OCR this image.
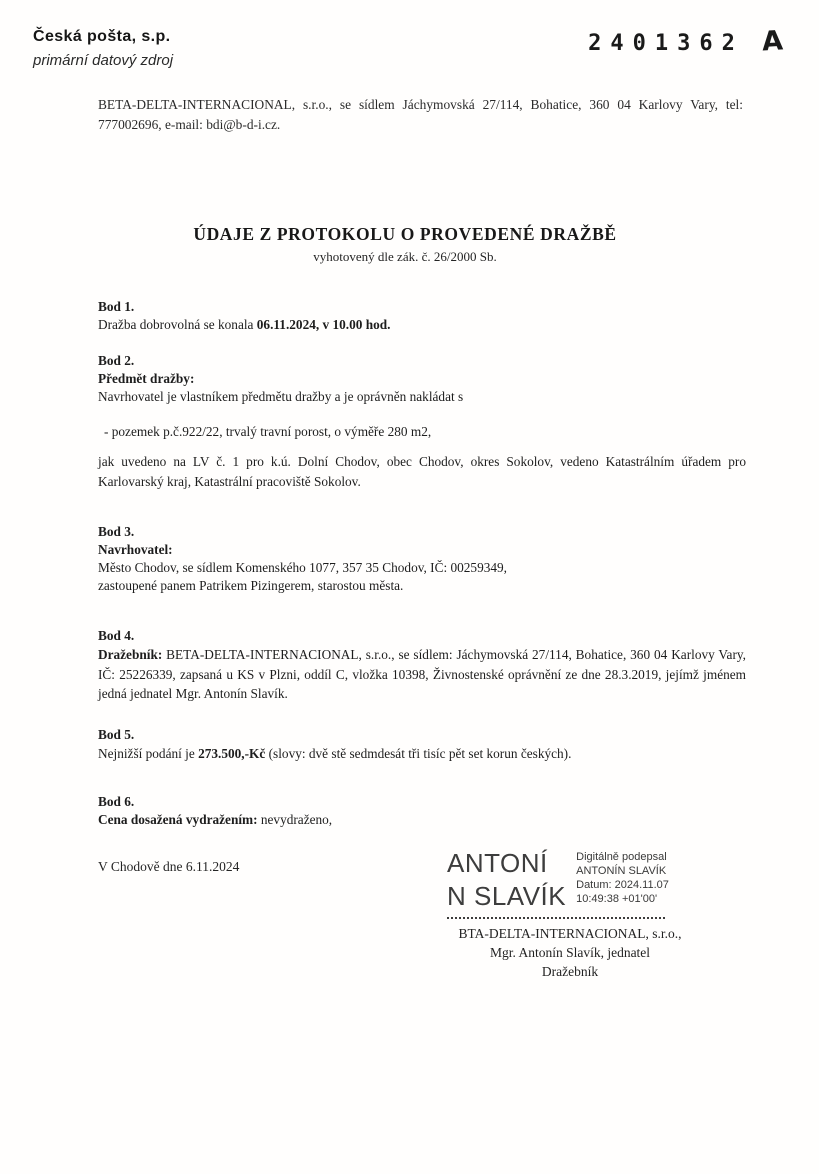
Česká pošta, s.p.
primární datový zdroj
2401362 A

BETA-DELTA-INTERNACIONAL, s.r.o., se sídlem Jáchymovská 27/114, Bohatice, 360 04 Karlovy Vary, tel: 777002696, e-mail: bdi@b-d-i.cz.

ÚDAJE Z PROTOKOLU O PROVEDENÉ DRAŽBĚ
vyhotovený dle zák. č. 26/2000 Sb.

Bod 1.

Dražba dobrovolná se konala 06.11.2024, v 10.00 hod.

Bod 2.

Předmět dražby:

Navrhovatel je vlastníkem předmětu dražby a je oprávněn nakládat s

- pozemek p.č.922/22, trvalý travní porost, o výměře 280 m2,

jak uvedeno na LV č. 1 pro k.ú. Dolní Chodov, obec Chodov, okres Sokolov, vedeno Katastrálním úřadem pro Karlovarský kraj, Katastrální pracoviště Sokolov.

Bod 3.

Navrhovatel:

Město Chodov, se sídlem Komenského 1077, 357 35 Chodov, IČ: 00259349,

zastoupené panem Patrikem Pizingerem, starostou města.

Bod 4.

Dražebník: BETA-DELTA-INTERNACIONAL, s.r.o., se sídlem: Jáchymovská 27/114, Bohatice, 360 04 Karlovy Vary, IČ: 25226339, zapsaná u KS v Plzni, oddíl C, vložka 10398, Živnostenské oprávnění ze dne 28.3.2019, jejímž jménem jedná jednatel Mgr. Antonín Slavík.

Bod 5.

Nejnižší podání je 273.500,-Kč (slovy: dvě stě sedmdesát tři tisíc pět set korun českých).

Bod 6.

Cena dosažená vydražením: nevydraženo,

V Chodově dne 6.11.2024	ANTONÍ
N SLAVÍK
Digitálně podepsal
ANTONÍN SLAVÍK
Datum: 2024.11.07
10:49:38 +01'00'
BTA-DELTA-INTERNACIONAL, s.r.o.,
Mgr. Antonín Slavík, jednatel
Dražebník
